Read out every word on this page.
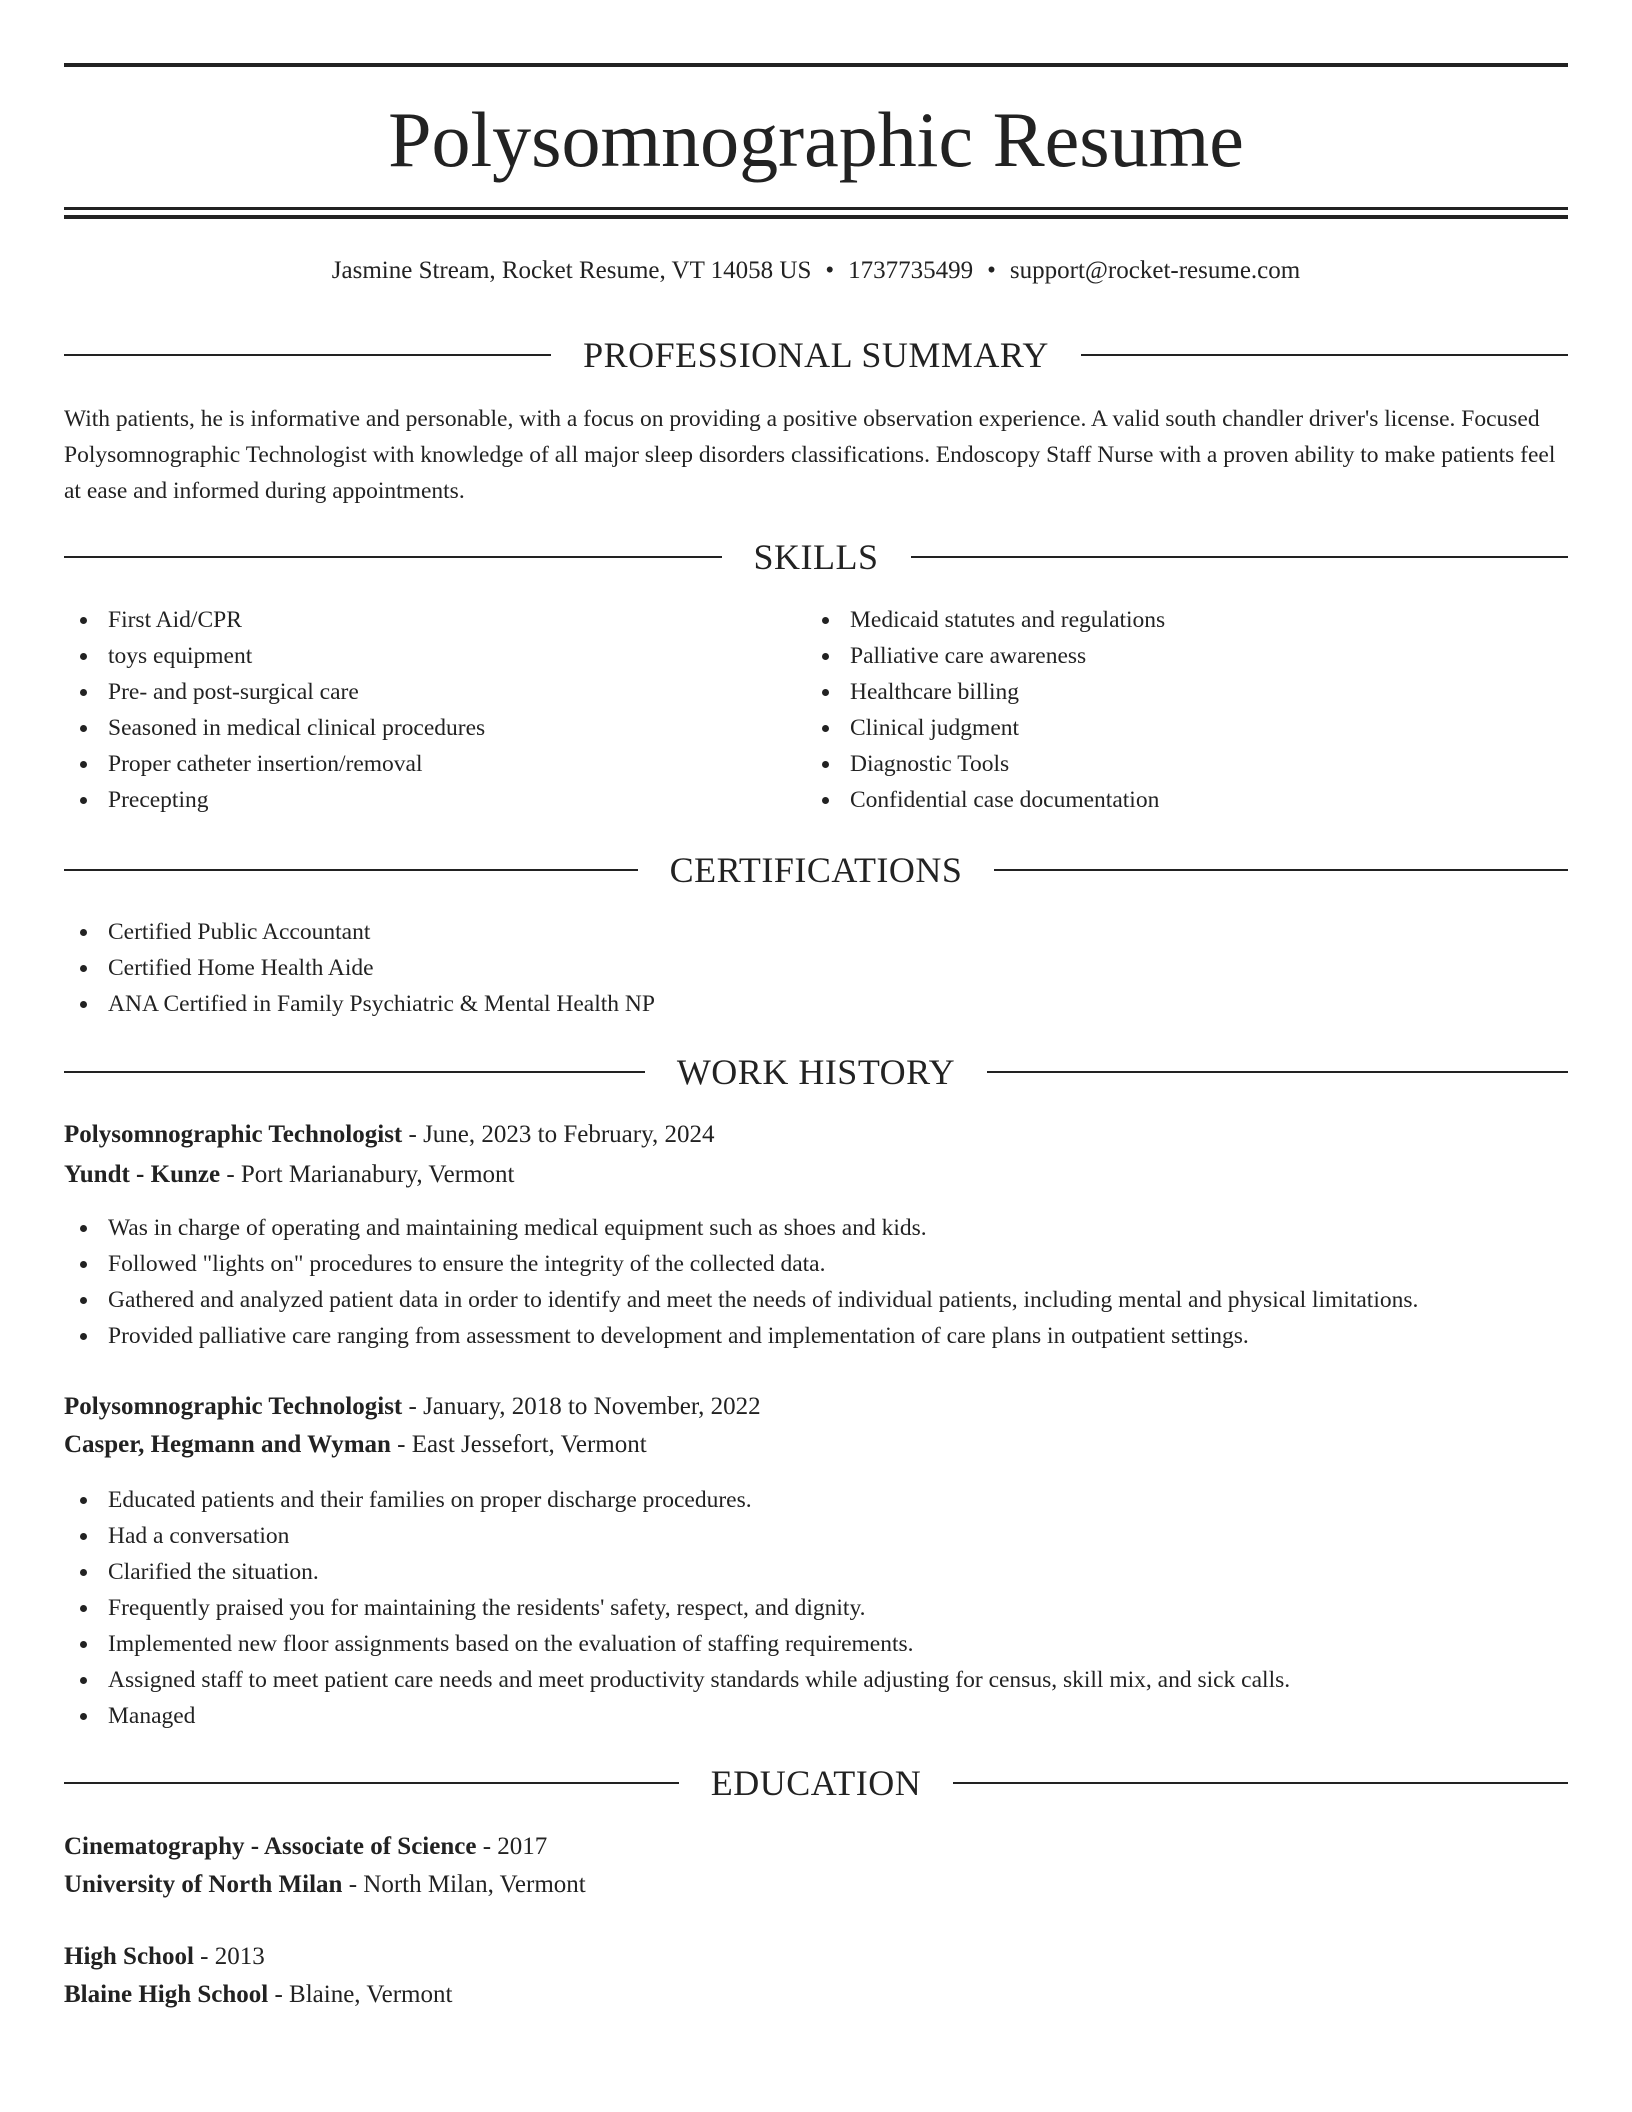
Polysomnographic Resume
Jasmine Stream, Rocket Resume, VT 14058 US • 1737735499 • support@rocket-resume.com
PROFESSIONAL SUMMARY

With patients, he is informative and personable, with a focus on providing a positive observation experience. A valid south chandler driver's license. Focused Polysomnographic Technologist with knowledge of all major sleep disorders classifications. Endoscopy Staff Nurse with a proven ability to make patients feel at ease and informed during appointments.

SKILLS
First Aid/CPR
toys equipment
Pre- and post-surgical care
Seasoned in medical clinical procedures
Proper catheter insertion/removal
Precepting
Medicaid statutes and regulations
Palliative care awareness
Healthcare billing
Clinical judgment
Diagnostic Tools
Confidential case documentation
CERTIFICATIONS
Certified Public Accountant
Certified Home Health Aide
ANA Certified in Family Psychiatric & Mental Health NP
WORK HISTORY
Polysomnographic Technologist - June, 2023 to February, 2024
Yundt - Kunze - Port Marianabury, Vermont
Was in charge of operating and maintaining medical equipment such as shoes and kids.
Followed "lights on" procedures to ensure the integrity of the collected data.
Gathered and analyzed patient data in order to identify and meet the needs of individual patients, including mental and physical limitations.
Provided palliative care ranging from assessment to development and implementation of care plans in outpatient settings.
Polysomnographic Technologist - January, 2018 to November, 2022
Casper, Hegmann and Wyman - East Jessefort, Vermont
Educated patients and their families on proper discharge procedures.
Had a conversation
Clarified the situation.
Frequently praised you for maintaining the residents' safety, respect, and dignity.
Implemented new floor assignments based on the evaluation of staffing requirements.
Assigned staff to meet patient care needs and meet productivity standards while adjusting for census, skill mix, and sick calls.
Managed
EDUCATION
Cinematography - Associate of Science - 2017
University of North Milan - North Milan, Vermont
High School - 2013
Blaine High School - Blaine, Vermont
